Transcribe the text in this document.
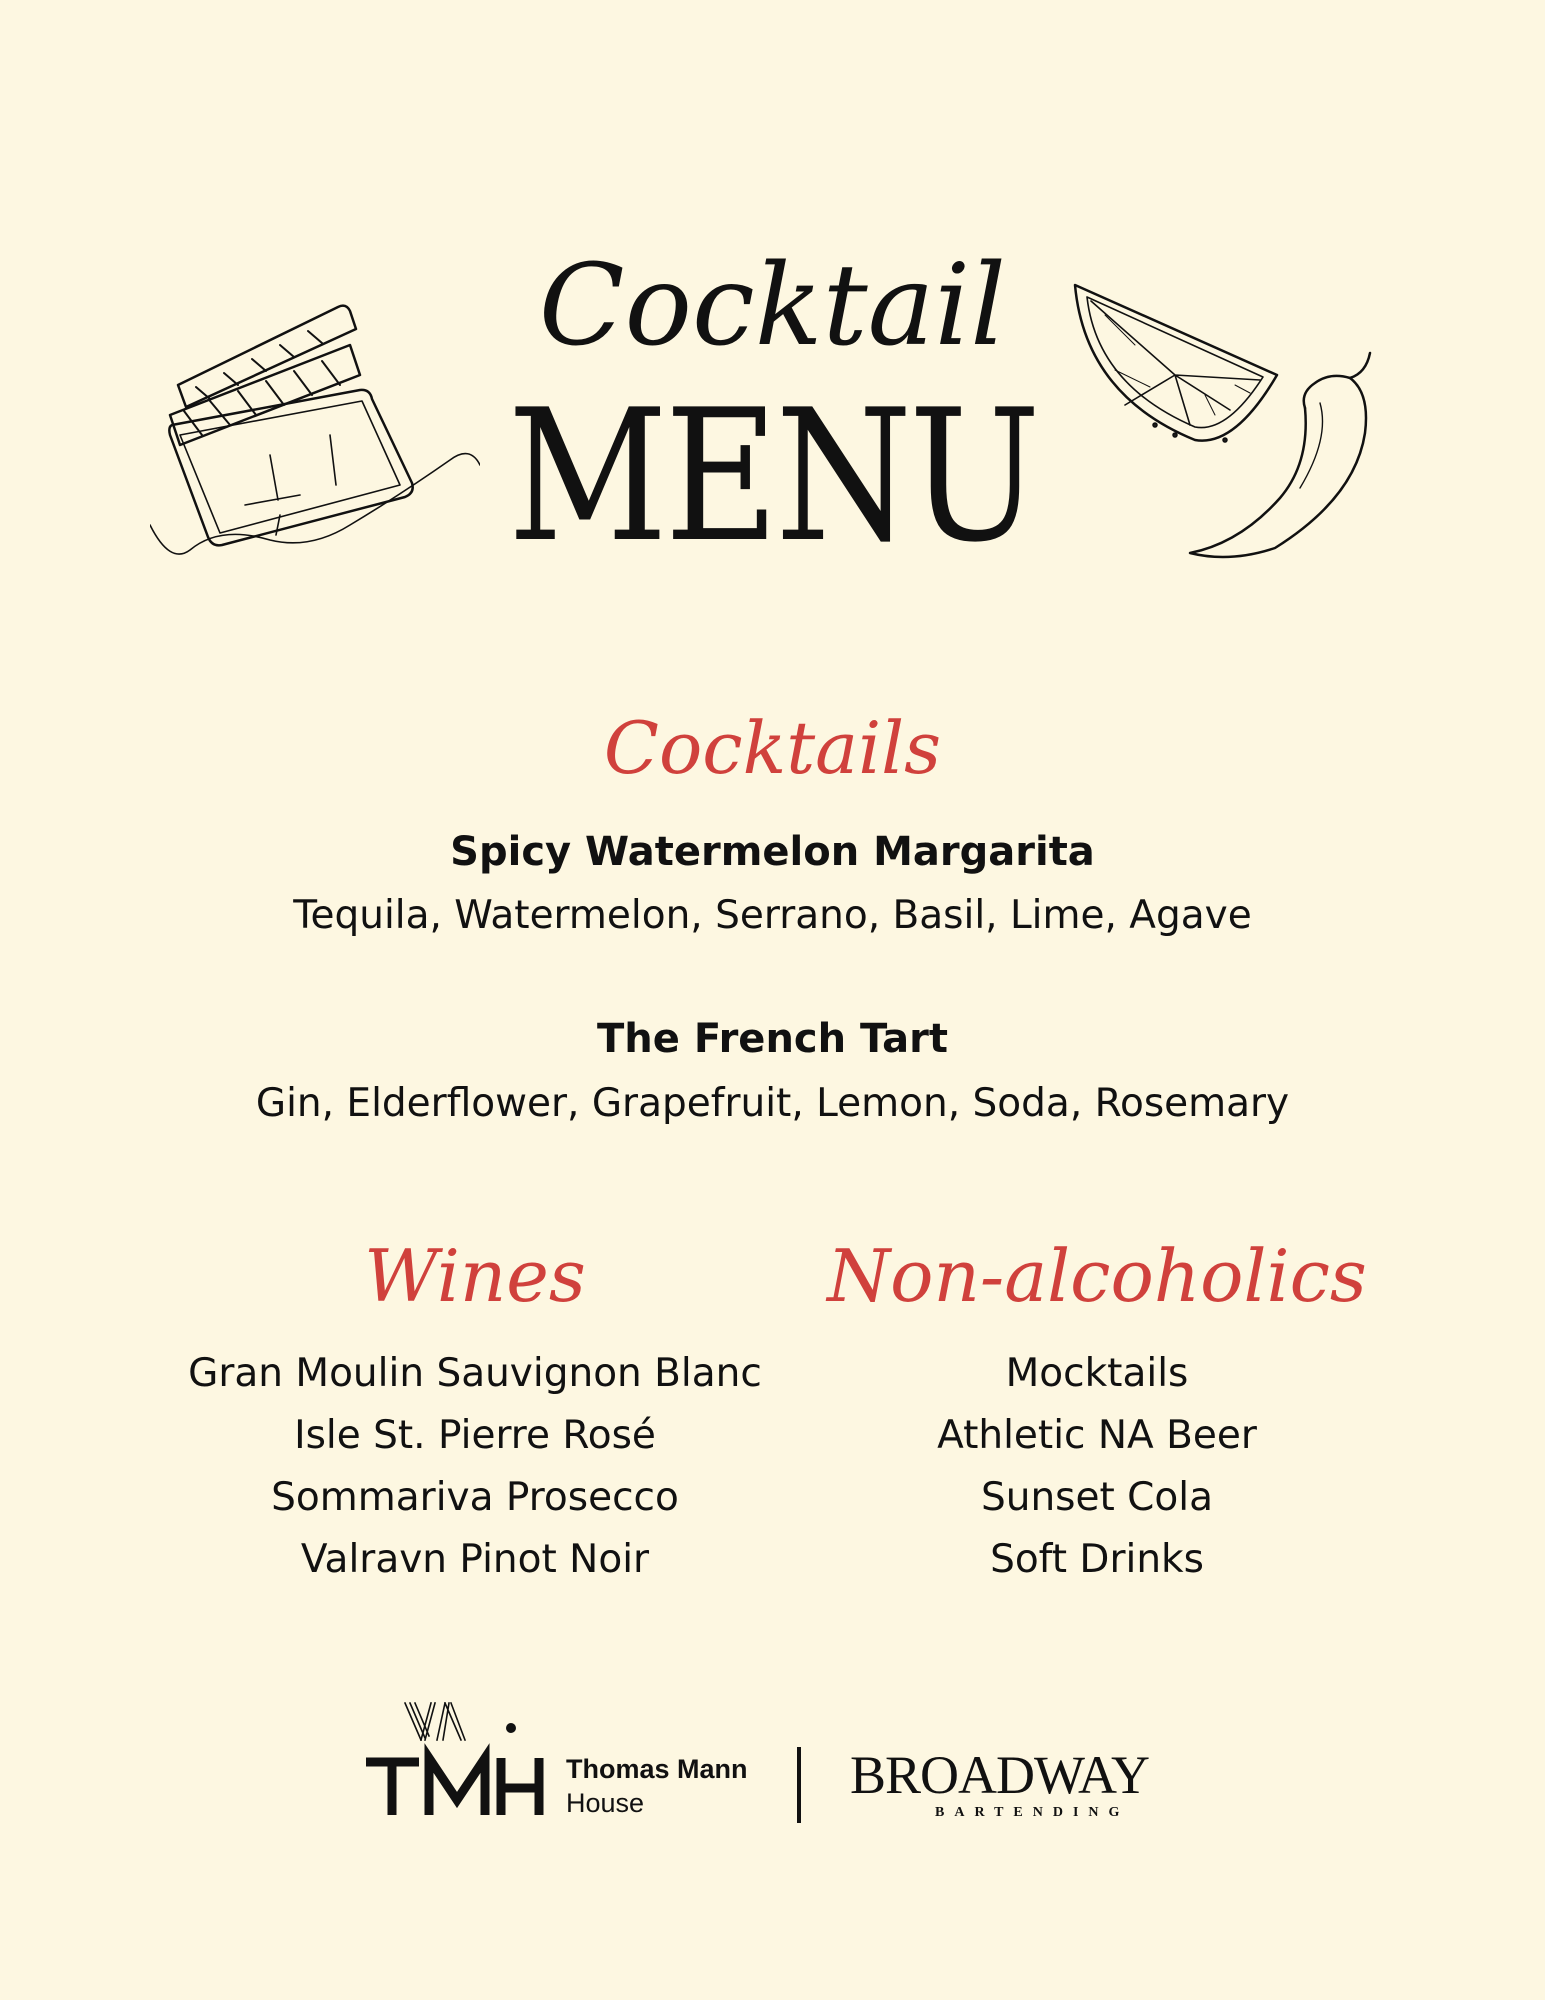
Cocktail
MENU
Cocktails
Spicy Watermelon Margarita
Tequila, Watermelon, Serrano, Basil, Lime, Agave
The French Tart
Gin, Elderflower, Grapefruit, Lemon, Soda, Rosemary
Wines
Gran Moulin Sauvignon Blanc
Isle St. Pierre Rosé
Sommariva Prosecco
Valravn Pinot Noir
Non-alcoholics
Mocktails
Athletic NA Beer
Sunset Cola
Soft Drinks
Thomas Mann
House	BROADWAY
BARTENDING
